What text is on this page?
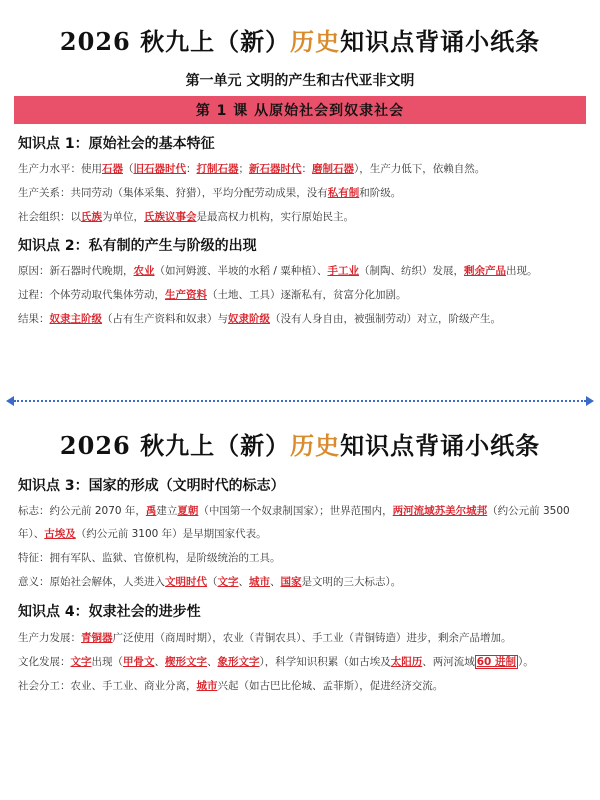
2026 秋九上（新）历史知识点背诵小纸条
第一单元 文明的产生和古代亚非文明
第 1 课 从原始社会到奴隶社会
知识点 1：原始社会的基本特征
生产力水平：使用石器（旧石器时代：打制石器；新石器时代：磨制石器），生产力低下，依赖自然。
生产关系：共同劳动（集体采集、狩猎），平均分配劳动成果，没有私有制和阶级。
社会组织：以氏族为单位，氏族议事会是最高权力机构，实行原始民主。
知识点 2：私有制的产生与阶级的出现
原因：新石器时代晚期，农业（如河姆渡、半坡的水稻 / 粟种植）、手工业（制陶、纺织）发展，剩余产品出现。
过程：个体劳动取代集体劳动，生产资料（土地、工具）逐渐私有，贫富分化加剧。
结果：奴隶主阶级（占有生产资料和奴隶）与奴隶阶级（没有人身自由，被强制劳动）对立，阶级产生。
2026 秋九上（新）历史知识点背诵小纸条
知识点 3：国家的形成（文明时代的标志）
标志：约公元前 2070 年，禹建立夏朝（中国第一个奴隶制国家）；世界范围内，两河流域苏美尔城邦（约公元前 3500 年）、古埃及（约公元前 3100 年）是早期国家代表。
特征：拥有军队、监狱、官僚机构，是阶级统治的工具。
意义：原始社会解体，人类进入文明时代（文字、城市、国家是文明的三大标志）。
知识点 4：奴隶社会的进步性
生产力发展：青铜器广泛使用（商周时期），农业（青铜农具）、手工业（青铜铸造）进步，剩余产品增加。
文化发展：文字出现（甲骨文、楔形文字、象形文字），科学知识积累（如古埃及太阳历、两河流域 60 进制 ）。
社会分工：农业、手工业、商业分离，城市兴起（如古巴比伦城、孟菲斯），促进经济交流。
